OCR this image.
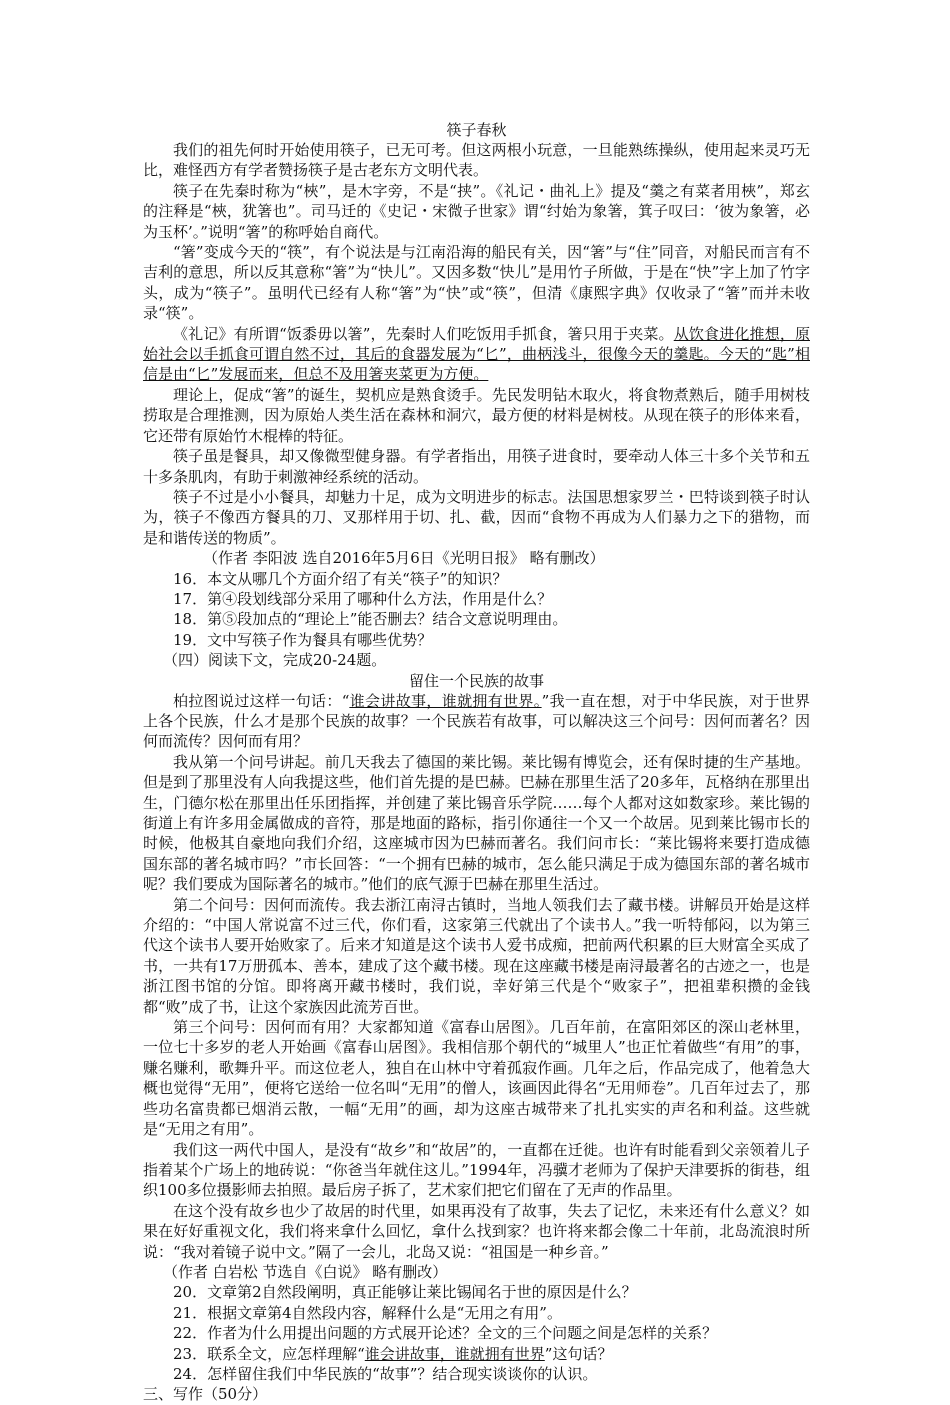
筷子春秋

我们的祖先何时开始使用筷子，已无可考。但这两根小玩意，一旦能熟练操纵，使用起来灵巧无比，难怪西方有学者赞扬筷子是古老东方文明代表。

筷子在先秦时称为“梜”，是木字旁，不是“挟”。《礼记・曲礼上》提及“羹之有菜者用梜”，郑玄的注释是“梜，犹箸也”。司马迁的《史记・宋微子世家》谓“纣始为象箸，箕子叹曰：‘彼为象箸，必为玉杯’。”说明“箸”的称呼始自商代。

“箸”变成今天的“筷”，有个说法是与江南沿海的船民有关，因“箸”与“住”同音，对船民而言有不吉利的意思，所以反其意称“箸”为“快儿”。又因多数“快儿”是用竹子所做，于是在“快”字上加了竹字头，成为“筷子”。虽明代已经有人称“箸”为“快”或“筷”，但清《康熙字典》仅收录了“箸”而并未收录“筷”。

《礼记》有所谓“饭黍毋以箸”，先秦时人们吃饭用手抓食，箸只用于夹菜。从饮食进化推想，原始社会以手抓食可谓自然不过，其后的食器发展为“匕”，曲柄浅斗，很像今天的羹匙。今天的“匙”相信是由“匕”发展而来，但总不及用箸夹菜更为方便。

理论上，促成“箸”的诞生，契机应是熟食烫手。先民发明钻木取火，将食物煮熟后，随手用树枝捞取是合理推测，因为原始人类生活在森林和洞穴，最方便的材料是树枝。从现在筷子的形体来看，它还带有原始竹木棍棒的特征。

筷子虽是餐具，却又像微型健身器。有学者指出，用筷子进食时，要牵动人体三十多个关节和五十多条肌肉，有助于刺激神经系统的活动。

筷子不过是小小餐具，却魅力十足，成为文明进步的标志。法国思想家罗兰・巴特谈到筷子时认为，筷子不像西方餐具的刀、叉那样用于切、扎、截，因而“食物不再成为人们暴力之下的猎物，而是和谐传送的物质”。

（作者 李阳波 选自2016年5月6日《光明日报》 略有删改）

16．本文从哪几个方面介绍了有关“筷子”的知识？

17．第④段划线部分采用了哪种什么方法，作用是什么？

18．第⑤段加点的“理论上”能否删去？结合文意说明理由。

19．文中写筷子作为餐具有哪些优势？

（四）阅读下文，完成20-24题。

留住一个民族的故事

柏拉图说过这样一句话：“谁会讲故事，谁就拥有世界。”我一直在想，对于中华民族，对于世界上各个民族，什么才是那个民族的故事？一个民族若有故事，可以解决这三个问号：因何而著名？因何而流传？因何而有用？

我从第一个问号讲起。前几天我去了德国的莱比锡。莱比锡有博览会，还有保时捷的生产基地。但是到了那里没有人向我提这些，他们首先提的是巴赫。巴赫在那里生活了20多年，瓦格纳在那里出生，门德尔松在那里出任乐团指挥，并创建了莱比锡音乐学院……每个人都对这如数家珍。莱比锡的街道上有许多用金属做成的音符，那是地面的路标，指引你通往一个又一个故居。见到莱比锡市长的时候，他极其自豪地向我们介绍，这座城市因为巴赫而著名。我们问市长：“莱比锡将来要打造成德国东部的著名城市吗？”市长回答：“一个拥有巴赫的城市，怎么能只满足于成为德国东部的著名城市呢？我们要成为国际著名的城市。”他们的底气源于巴赫在那里生活过。

第二个问号：因何而流传。我去浙江南浔古镇时，当地人领我们去了藏书楼。讲解员开始是这样介绍的：“中国人常说富不过三代，你们看，这家第三代就出了个读书人。”我一听特郁闷，以为第三代这个读书人要开始败家了。后来才知道是这个读书人爱书成痴，把前两代积累的巨大财富全买成了书，一共有17万册孤本、善本，建成了这个藏书楼。现在这座藏书楼是南浔最著名的古迹之一，也是浙江图书馆的分馆。即将离开藏书楼时，我们说，幸好第三代是个“败家子”，把祖辈积攒的金钱都“败”成了书，让这个家族因此流芳百世。

第三个问号：因何而有用？大家都知道《富春山居图》。几百年前，在富阳郊区的深山老林里，一位七十多岁的老人开始画《富春山居图》。我相信那个朝代的“城里人”也正忙着做些“有用”的事，赚名赚利，歌舞升平。而这位老人，独自在山林中守着孤寂作画。几年之后，作品完成了，他着急大概也觉得“无用”，便将它送给一位名叫“无用”的僧人，该画因此得名“无用师卷”。几百年过去了，那些功名富贵都已烟消云散，一幅“无用”的画，却为这座古城带来了扎扎实实的声名和利益。这些就是“无用之有用”。

我们这一两代中国人，是没有“故乡”和“故居”的，一直都在迁徙。也许有时能看到父亲领着儿子指着某个广场上的地砖说：“你爸当年就住这儿。”1994年，冯骥才老师为了保护天津要拆的街巷，组织100多位摄影师去拍照。最后房子拆了，艺术家们把它们留在了无声的作品里。

在这个没有故乡也少了故居的时代里，如果再没有了故事，失去了记忆，未来还有什么意义？如果在好好重视文化，我们将来拿什么回忆，拿什么找到家？也许将来都会像二十年前，北岛流浪时所说：“我对着镜子说中文。”隔了一会儿，北岛又说：“祖国是一种乡音。”

（作者 白岩松 节选自《白说》 略有删改）

20．文章第2自然段阐明，真正能够让莱比锡闻名于世的原因是什么？

21．根据文章第4自然段内容，解释什么是“无用之有用”。

22．作者为什么用提出问题的方式展开论述？全文的三个问题之间是怎样的关系？

23．联系全文，应怎样理解“谁会讲故事，谁就拥有世界”这句话？

24．怎样留住我们中华民族的“故事”？结合现实谈谈你的认识。

三、写作（50分）
